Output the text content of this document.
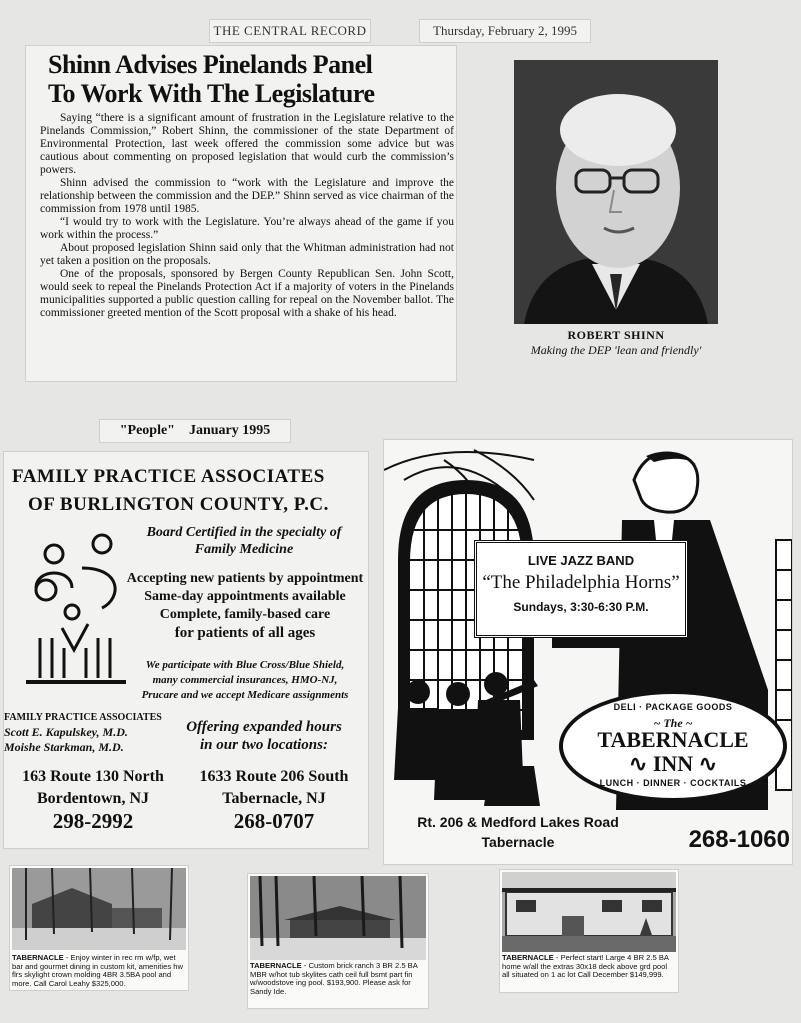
THE CENTRAL RECORD	Thursday, February 2, 1995
Shinn Advises Pinelands Panel
To Work With The Legislature

Saying “there is a significant amount of frustration in the Legislature relative to the Pinelands Commission,” Robert Shinn, the commissioner of the state Department of Environmental Protection, last week offered the commission some advice but was cautious about commenting on proposed legislation that would curb the commission’s powers.

Shinn advised the commission to “work with the Legislature and improve the relationship between the commission and the DEP.” Shinn served as vice chairman of the commission from 1978 until 1985.

“I would try to work with the Legislature. You’re always ahead of the game if you work within the process.”

About proposed legislation Shinn said only that the Whitman administration had not yet taken a position on the proposals.

One of the proposals, sponsored by Bergen County Republican Sen. John Scott, would seek to repeal the Pinelands Protection Act if a majority of voters in the Pinelands municipalities supported a public question calling for repeal on the November ballot. The commissioner greeted mention of the Scott proposal with a shake of his head.

ROBERT SHINN
Making the DEP 'lean and friendly'
"People" January 1995
FAMILY PRACTICE ASSOCIATES
OF BURLINGTON COUNTY, P.C.
Board Certified in the specialty of
Family Medicine
Accepting new patients by appointment
Same-day appointments available
Complete, family-based care
for patients of all ages
We participate with Blue Cross/Blue Shield,
many commercial insurances, HMO-NJ,
Prucare and we accept Medicare assignments
FAMILY PRACTICE ASSOCIATES
Scott E. Kapulskey, M.D.
Moishe Starkman, M.D.
Offering expanded hours
in our two locations:
163 Route 130 North
Bordentown, NJ
298-2992
1633 Route 206 South
Tabernacle, NJ
268-0707
LIVE JAZZ BAND
“The Philadelphia Horns”
Sundays, 3:30-6:30 P.M.
DELI · PACKAGE GOODS
~ The ~
TABERNACLE
∿ INN ∿
LUNCH · DINNER · COCKTAILS
Rt. 206 & Medford Lakes Road
Tabernacle	268-1060
TABERNACLE - Enjoy winter in rec rm w/fp, wet bar and gourmet dining in custom kit, amenities hw flrs skylight crown molding 4BR 3.5BA pool and more. Call Carol Leahy $325,000.
TABERNACLE - Custom brick ranch 3 BR 2.5 BA MBR w/hot tub skylites cath ceil full bsmt part fin w/woodstove ing pool. $193,900. Please ask for Sandy Ide.
TABERNACLE - Perfect start! Large 4 BR 2.5 BA home w/all the extras 30x18 deck above grd pool all situated on 1 ac lot Call December $149,999.
